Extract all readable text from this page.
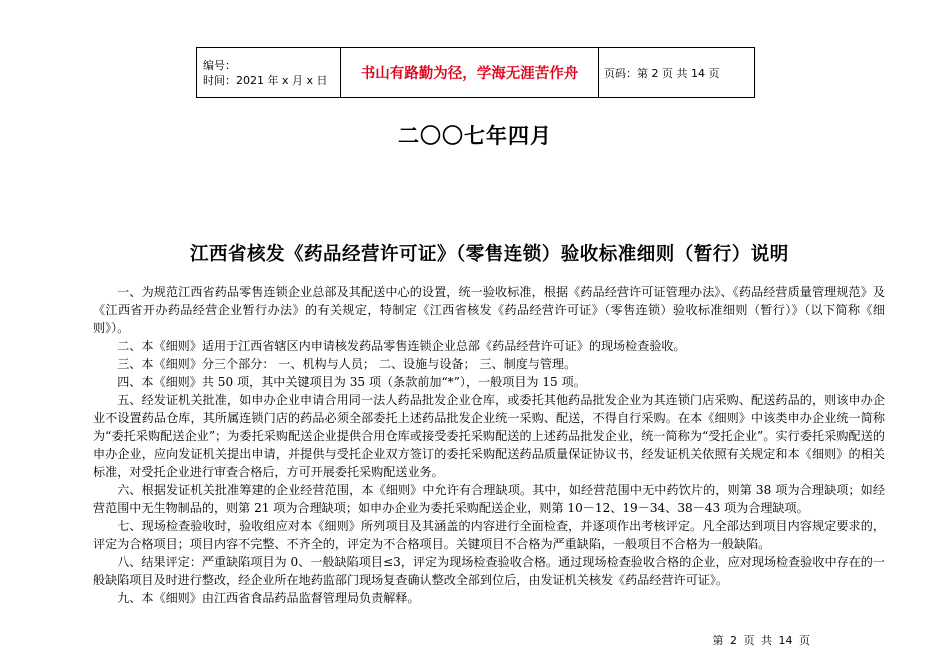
编号：
时间：2021 年 x 月 x 日	书山有路勤为径，学海无涯苦作舟 页码：第 2 页 共 14 页
二〇〇七年四月
江西省核发《药品经营许可证》（零售连锁）验收标准细则（暂行）说明

一、为规范江西省药品零售连锁企业总部及其配送中心的设置，统一验收标准，根据《药品经营许可证管理办法》、《药品经营质量管理规范》及《江西省开办药品经营企业暂行办法》的有关规定，特制定《江西省核发《药品经营许可证》（零售连锁）验收标准细则（暂行）》（以下简称《细则》）。

二、本《细则》适用于江西省辖区内申请核发药品零售连锁企业总部《药品经营许可证》的现场检查验收。

三、本《细则》分三个部分： 一、机构与人员； 二、设施与设备； 三、制度与管理。

四、本《细则》共 50 项，其中关键项目为 35 项（条款前加“*”），一般项目为 15 项。

五、经发证机关批准，如申办企业申请合用同一法人药品批发企业仓库，或委托其他药品批发企业为其连锁门店采购、配送药品的，则该申办企业不设置药品仓库，其所属连锁门店的药品必须全部委托上述药品批发企业统一采购、配送，不得自行采购。在本《细则》中该类申办企业统一简称为“委托采购配送企业”；为委托采购配送企业提供合用仓库或接受委托采购配送的上述药品批发企业，统一简称为“受托企业”。实行委托采购配送的申办企业，应向发证机关提出申请，并提供与受托企业双方签订的委托采购配送药品质量保证协议书，经发证机关依照有关规定和本《细则》的相关标准，对受托企业进行审查合格后，方可开展委托采购配送业务。

六、根据发证机关批准筹建的企业经营范围，本《细则》中允许有合理缺项。其中，如经营范围中无中药饮片的，则第 38 项为合理缺项；如经营范围中无生物制品的，则第 21 项为合理缺项；如申办企业为委托采购配送企业，则第 10－12、19－34、38－43 项为合理缺项。

七、现场检查验收时，验收组应对本《细则》所列项目及其涵盖的内容进行全面检查，并逐项作出考核评定。凡全部达到项目内容规定要求的，评定为合格项目；项目内容不完整、不齐全的，评定为不合格项目。关键项目不合格为严重缺陷，一般项目不合格为一般缺陷。

八、结果评定：严重缺陷项目为 0、一般缺陷项目≤3，评定为现场检查验收合格。通过现场检查验收合格的企业，应对现场检查验收中存在的一般缺陷项目及时进行整改，经企业所在地药监部门现场复查确认整改全部到位后，由发证机关核发《药品经营许可证》。

九、本《细则》由江西省食品药品监督管理局负责解释。

第 2 页 共 14 页
